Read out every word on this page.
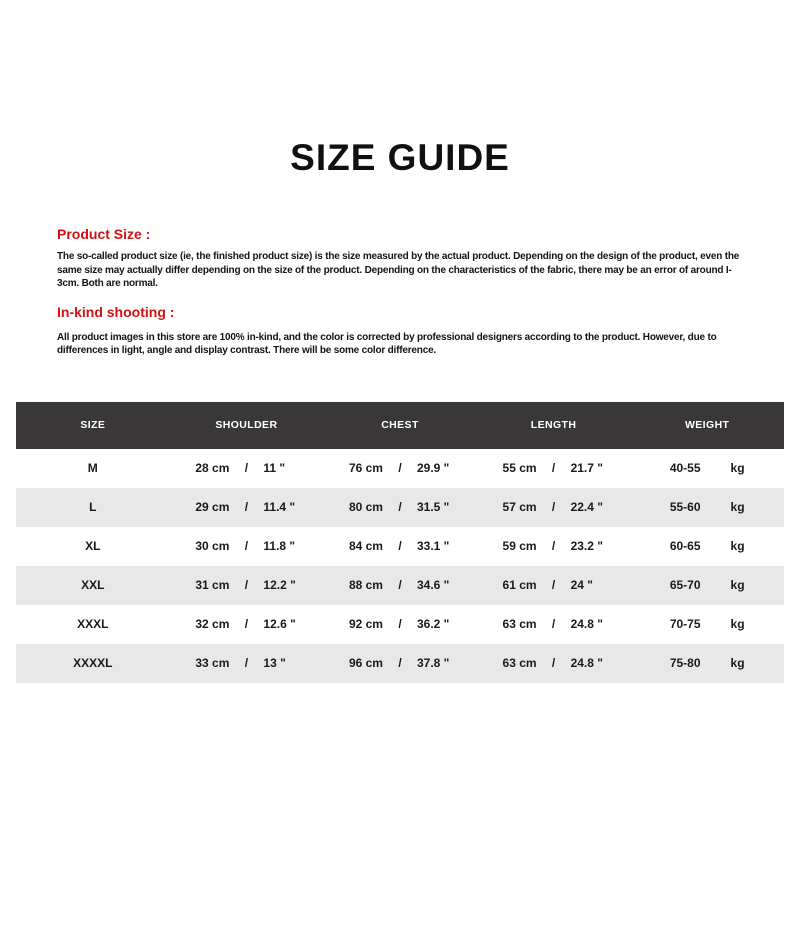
SIZE GUIDE
Product Size :
The so-called product size (ie, the finished product size) is the size measured by the actual product. Depending on the design of the product, even the
same size may actually differ depending on the size of the product. Depending on the characteristics of the fabric, there may be an error of around I-
3cm. Both are normal.
In-kind shooting :
All product images in this store are 100% in-kind, and the color is corrected by professional designers according to the product. However, due to
differences in light, angle and display contrast. There will be some color difference.
SIZE	SHOULDER	CHEST	LENGTH	WEIGHT
M	28 cm	/	11 "	76 cm	/	29.9 "	55 cm	/	21.7 "	40-55	kg
L	29 cm	/	11.4 "	80 cm	/	31.5 "	57 cm	/	22.4 "	55-60	kg
XL	30 cm	/	11.8 "	84 cm	/	33.1 "	59 cm	/	23.2 "	60-65	kg
XXL	31 cm	/	12.2 "	88 cm	/	34.6 "	61 cm	/	24 "	65-70	kg
XXXL	32 cm	/	12.6 "	92 cm	/	36.2 "	63 cm	/	24.8 "	70-75	kg
XXXXL	33 cm	/	13 "	96 cm	/	37.8 "	63 cm	/	24.8 "	75-80	kg
